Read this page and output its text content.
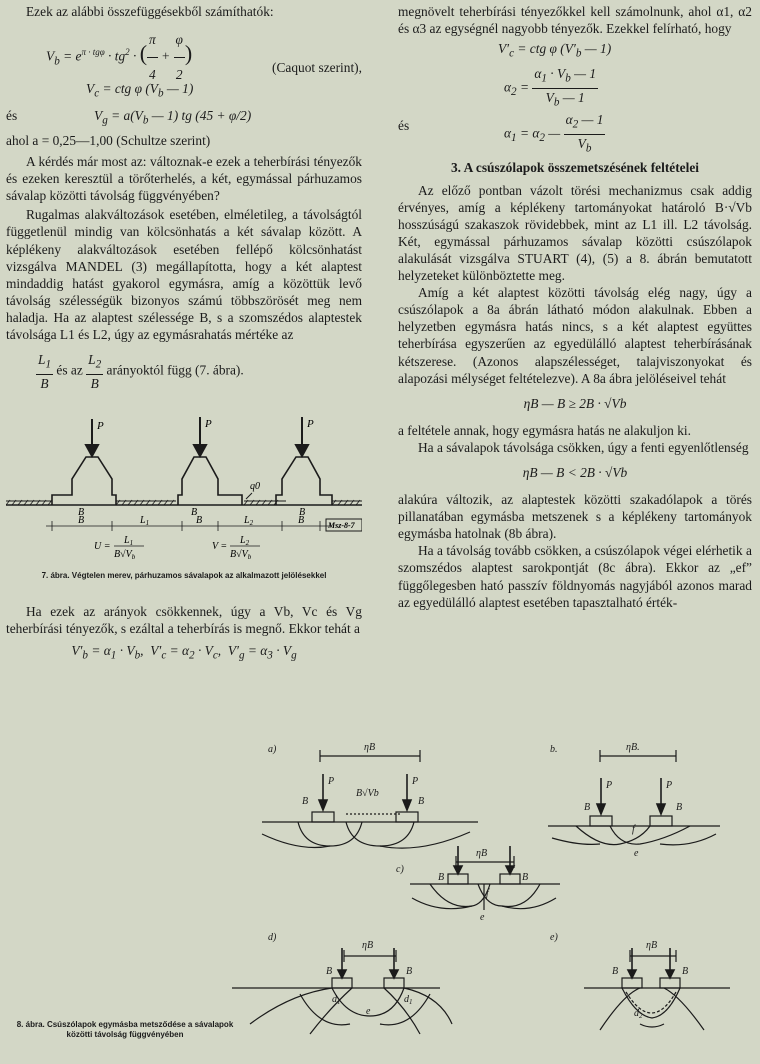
Ezek az alábbi összefüggésekből számíthatók:

$V_b = e^{\pi \cdot tg\varphi} \cdot tg^2$ · ( $\frac{\pi}{4} + \frac{\varphi}{2}$ )

(Caquot szerint),

$V_c$ = ctg φ ($V_b$ — 1)
és	$V_g = a(V_b$ — 1) tg (45 + φ/2)

ahol a = 0,25—1,00 (Schultze szerint)

A kérdés már most az: változnak-e ezek a teherbírási tényezők és ezeken keresztül a törőterhelés, a két, egymással párhuzamos sávalap közötti távolság függvényében?

Rugalmas alakváltozások esetében, elméletileg, a távolságtól függetlenül mindig van kölcsönhatás a két sávalap között. A képlékeny alakváltozások esetében fellépő kölcsönhatást vizsgálva MANDEL (3) megállapította, hogy a két alaptest mindaddig hatást gyakorol egymásra, amíg a közöttük levő távolság szélességük bizonyos számú többszörösét meg nem haladja. Ha az alaptest szélessége B, s a szomszédos alaptestek távolsága L1 és L2, úgy az egymásrahatás mértéke az

$\frac{L_1}{B}$ és az $\frac{L_2}{B}$ arányoktól függ (7. ábra).
P	P	P
q0
B	B	B
B	$L_1$	B	$L_2$	B	Msz-8-7
U =
$L_1$
$B√V_b$
V =
$L_2$
$B√V_b$

7. ábra. Végtelen merev, párhuzamos sávalapok az alkalmazott jelölésekkel

Ha ezek az arányok csökkennek, úgy a Vb, Vc és Vg teherbírási tényezők, s ezáltal a teherbírás is megnő. Ekkor tehát a

$V'_b = \alpha_1 \cdot V_b$,  $V'_c = \alpha_2 \cdot V_c$,  $V'_g = \alpha_3 \cdot V_g$

megnövelt teherbírási tényezőkkel kell számolnunk, ahol α1, α2 és α3 az egységnél nagyobb tényezők. Ezekkel felírható, hogy

$V'_c$ = ctg φ ($V'_b$ — 1)
$\alpha_2 = \frac{\alpha_1 \cdot V_b — 1}{V_b — 1}$
és	$\alpha_1 = \alpha_2$ — $\frac{\alpha_2 — 1}{V_b}$

3. A csúszólapok összemetszésének feltételei

Az előző pontban vázolt törési mechanizmus csak addig érvényes, amíg a képlékeny tartományokat határoló B·√Vb hosszúságú szakaszok rövidebbek, mint az L1 ill. L2 távolság. Két, egymással párhuzamos sávalap közötti csúszólapok alakulását vizsgálva STUART (4), (5) a 8. ábrán bemutatott helyzeteket különböztette meg.

Amíg a két alaptest közötti távolság elég nagy, úgy a csúszólapok a 8a ábrán látható módon alakulnak. Ebben a helyzetben egymásra hatás nincs, s a két alaptest együttes teherbírása egyszerűen az egyedülálló alaptest teherbírásának kétszerese. (Azonos alapszélességet, talajviszonyokat és alapozási mélységet feltételezve). A 8a ábra jelöléseivel tehát

ηB — B ≥ 2B · √Vb

a feltétele annak, hogy egymásra hatás ne alakuljon ki.

Ha a sávalapok távolsága csökken, úgy a fenti egyenlőtlenség

ηB — B < 2B · √Vb

alakúra változik, az alaptestek közötti szakadólapok a törés pillanatában egymásba metszenek s a képlékeny tartományok egymásba hatolnak (8b ábra).

Ha a távolság tovább csökken, a csúszólapok végei elérhetik a szomszédos alaptest sarokpontját (8c ábra). Ekkor az „ef” függőlegesben ható passzív földnyomás nagyjából azonos marad az egyedülálló alaptest esetében tapasztalható érték-

a)	b.
c)
d)	e)
ηB	ηB.
ηB
ηB	ηB
P	P	P	P
B	B
B√Vb
B	B
f
e
B	B
f
e
B	B
$d_1$	$d_1$
e
B	B
$d_2$
8. ábra. Csúszólapok egymásba metsződése a sávalapok közötti távolság függvényében
